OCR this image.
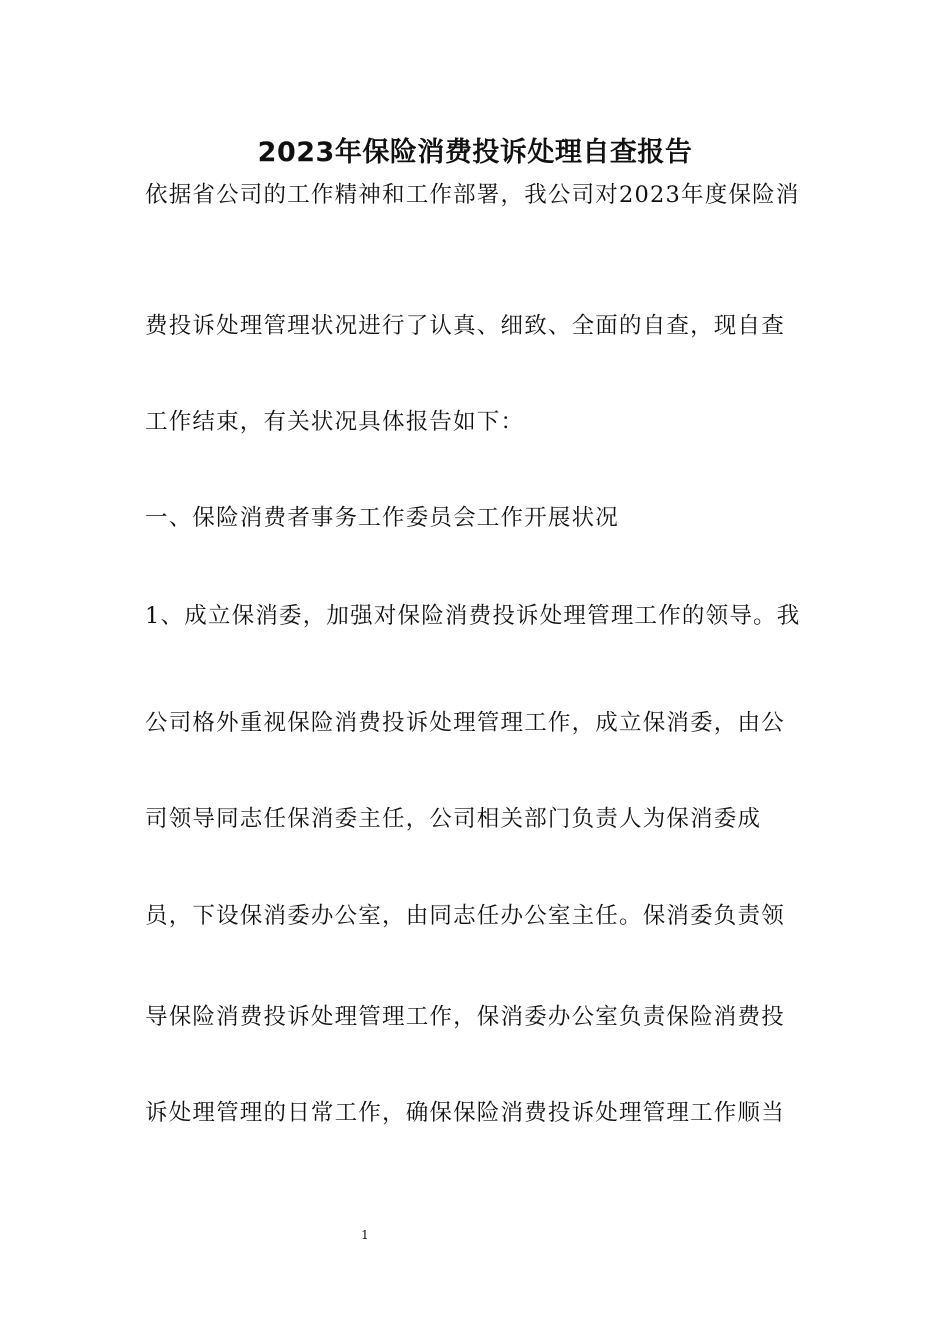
2023年保险消费投诉处理自查报告
依据省公司的工作精神和工作部署，我公司对2023年度保险消
费投诉处理管理状况进行了认真、细致、全面的自查，现自查
工作结束，有关状况具体报告如下：
一、保险消费者事务工作委员会工作开展状况
1、成立保消委，加强对保险消费投诉处理管理工作的领导。我
公司格外重视保险消费投诉处理管理工作，成立保消委，由公
司领导同志任保消委主任，公司相关部门负责人为保消委成
员，下设保消委办公室，由同志任办公室主任。保消委负责领
导保险消费投诉处理管理工作，保消委办公室负责保险消费投
诉处理管理的日常工作，确保保险消费投诉处理管理工作顺当
1
